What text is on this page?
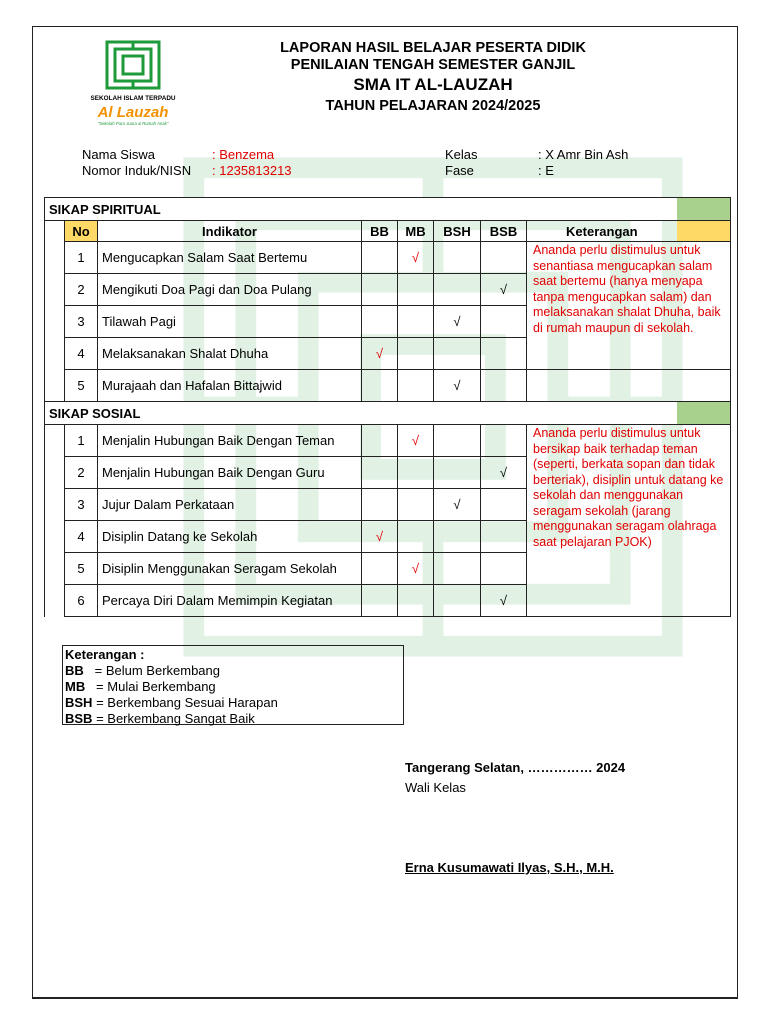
SEKOLAH ISLAM TERPADU
Al Lauzah
"Sekolah Para Juara & Rumah Anak"
LAPORAN HASIL BELAJAR PESERTA DIDIK
PENILAIAN TENGAH SEMESTER GANJIL
SMA IT AL-LAUZAH
TAHUN PELAJARAN 2024/2025
Nama Siswa	: Benzema
Nomor Induk/NISN : 1235813213
Kelas	: X Amr Bin Ash
Fase	: E
SIKAP SPIRITUAL								
	No	Indikator	BB	MB	BSH	BSB	Keterangan	
	1	Mengucapkan Salam Saat Bertemu		√			Ananda perlu distimulus untuk senantiasa mengucapkan salam saat bertemu (hanya menyapa tanpa mengucapkan salam) dan melaksanakan shalat Dhuha, baik di rumah maupun di sekolah.	
	2	Mengikuti Doa Pagi dan Doa Pulang				√		
	3	Tilawah Pagi			√			
	4	Melaksanakan Shalat Dhuha	√					
	5	Murajaah dan Hafalan Bittajwid			√			
SIKAP SOSIAL								
	1	Menjalin Hubungan Baik Dengan Teman		√			Ananda perlu distimulus untuk bersikap baik terhadap teman (seperti, berkata sopan dan tidak berteriak), disiplin untuk datang ke sekolah dan menggunakan seragam sekolah (jarang menggunakan seragam olahraga saat pelajaran PJOK)	
	2	Menjalin Hubungan Baik Dengan Guru				√		
	3	Jujur Dalam Perkataan			√			
	4	Disiplin Datang ke Sekolah	√					
	5	Disiplin Menggunakan Seragam Sekolah		√				
	6	Percaya Diri Dalam Memimpin Kegiatan				√		
Keterangan :
BB   = Belum Berkembang
MB   = Mulai Berkembang
BSH = Berkembang Sesuai Harapan
BSB = Berkembang Sangat Baik
Tangerang Selatan, …………… 2024
Wali Kelas
Erna Kusumawati Ilyas, S.H., M.H.
